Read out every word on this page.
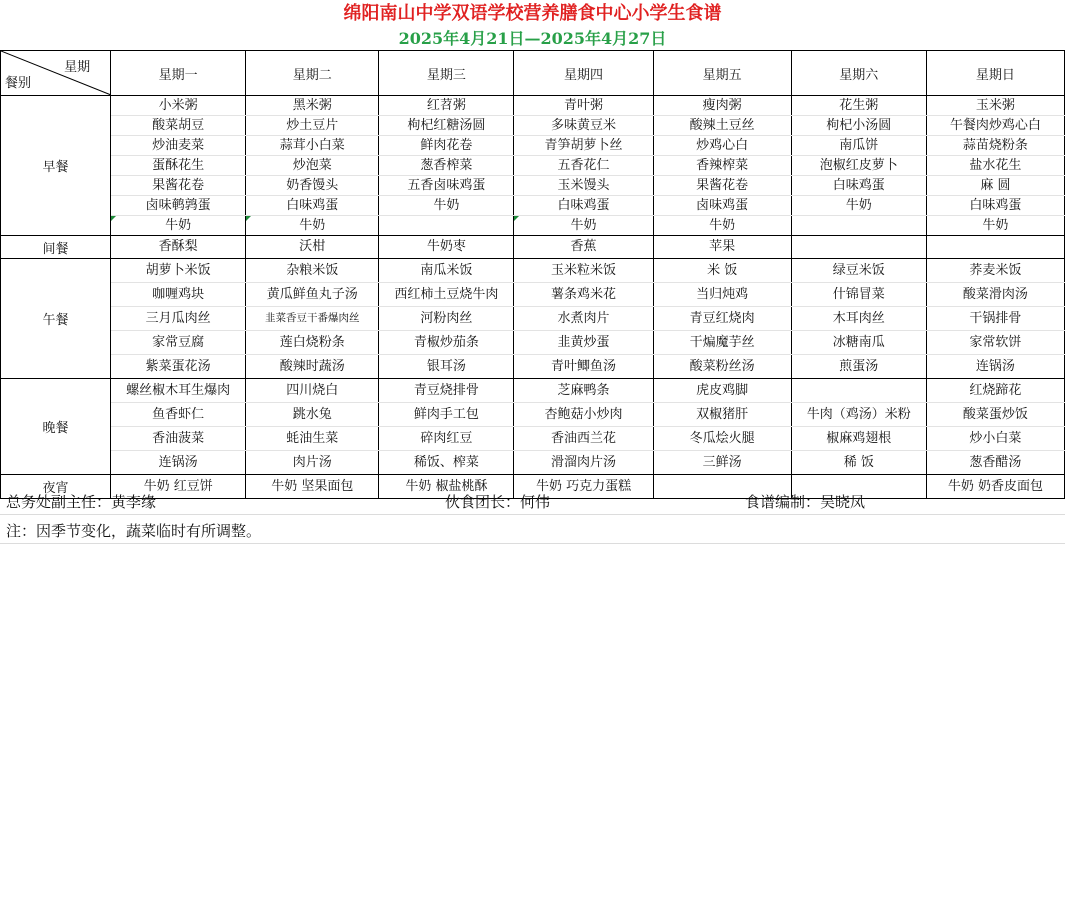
绵阳南山中学双语学校营养膳食中心小学生食谱
2025年4月21日—2025年4月27日
星期
餐别	星期一	星期二	星期三	星期四	星期五	星期六	星期日
早餐	小米粥	黑米粥	红苕粥	青叶粥	瘦肉粥	花生粥	玉米粥
	酸菜胡豆	炒土豆片	枸杞红糖汤圆	多味黄豆米	酸辣土豆丝	枸杞小汤圆	午餐肉炒鸡心白
	炒油麦菜	蒜茸小白菜	鲜肉花卷	青笋胡萝卜丝	炒鸡心白	南瓜饼	蒜苗烧粉条
	蛋酥花生	炒泡菜	葱香榨菜	五香花仁	香辣榨菜	泡椒红皮萝卜	盐水花生
	果酱花卷	奶香馒头	五香卤味鸡蛋	玉米馒头	果酱花卷	白味鸡蛋	麻 圆
	卤味鹌鹑蛋	白味鸡蛋	牛奶	白味鸡蛋	卤味鸡蛋	牛奶	白味鸡蛋
	牛奶	牛奶		牛奶	牛奶		牛奶
间餐	香酥梨	沃柑	牛奶枣	香蕉	苹果		
午餐	胡萝卜米饭	杂粮米饭	南瓜米饭	玉米粒米饭	米 饭	绿豆米饭	荞麦米饭
	咖喱鸡块	黄瓜鲜鱼丸子汤	西红柿土豆烧牛肉	薯条鸡米花	当归炖鸡	什锦冒菜	酸菜滑肉汤
	三月瓜肉丝	韭菜香豆干番爆肉丝	河粉肉丝	水煮肉片	青豆红烧肉	木耳肉丝	干锅排骨
	家常豆腐	莲白烧粉条	青椒炒茄条	韭黄炒蛋	干煸魔芋丝	冰糖南瓜	家常软饼
	紫菜蛋花汤	酸辣时蔬汤	银耳汤	青叶鲫鱼汤	酸菜粉丝汤	煎蛋汤	连锅汤
晚餐	螺丝椒木耳生爆肉	四川烧白	青豆烧排骨	芝麻鸭条	虎皮鸡脚		红烧蹄花
	鱼香虾仁	跳水兔	鲜肉手工包	杏鲍菇小炒肉	双椒猪肝	牛肉（鸡汤）米粉	酸菜蛋炒饭
	香油菠菜	蚝油生菜	碎肉红豆	香油西兰花	冬瓜烩火腿	椒麻鸡翅根	炒小白菜
	连锅汤	肉片汤	稀饭、榨菜	滑溜肉片汤	三鲜汤	稀 饭	葱香醋汤
夜宵	牛奶 红豆饼	牛奶 坚果面包	牛奶 椒盐桃酥	牛奶 巧克力蛋糕			牛奶 奶香皮面包
总务处副主任：黄李缘	伙食团长：何伟	食谱编制：吴晓凤
注：因季节变化，蔬菜临时有所调整。
